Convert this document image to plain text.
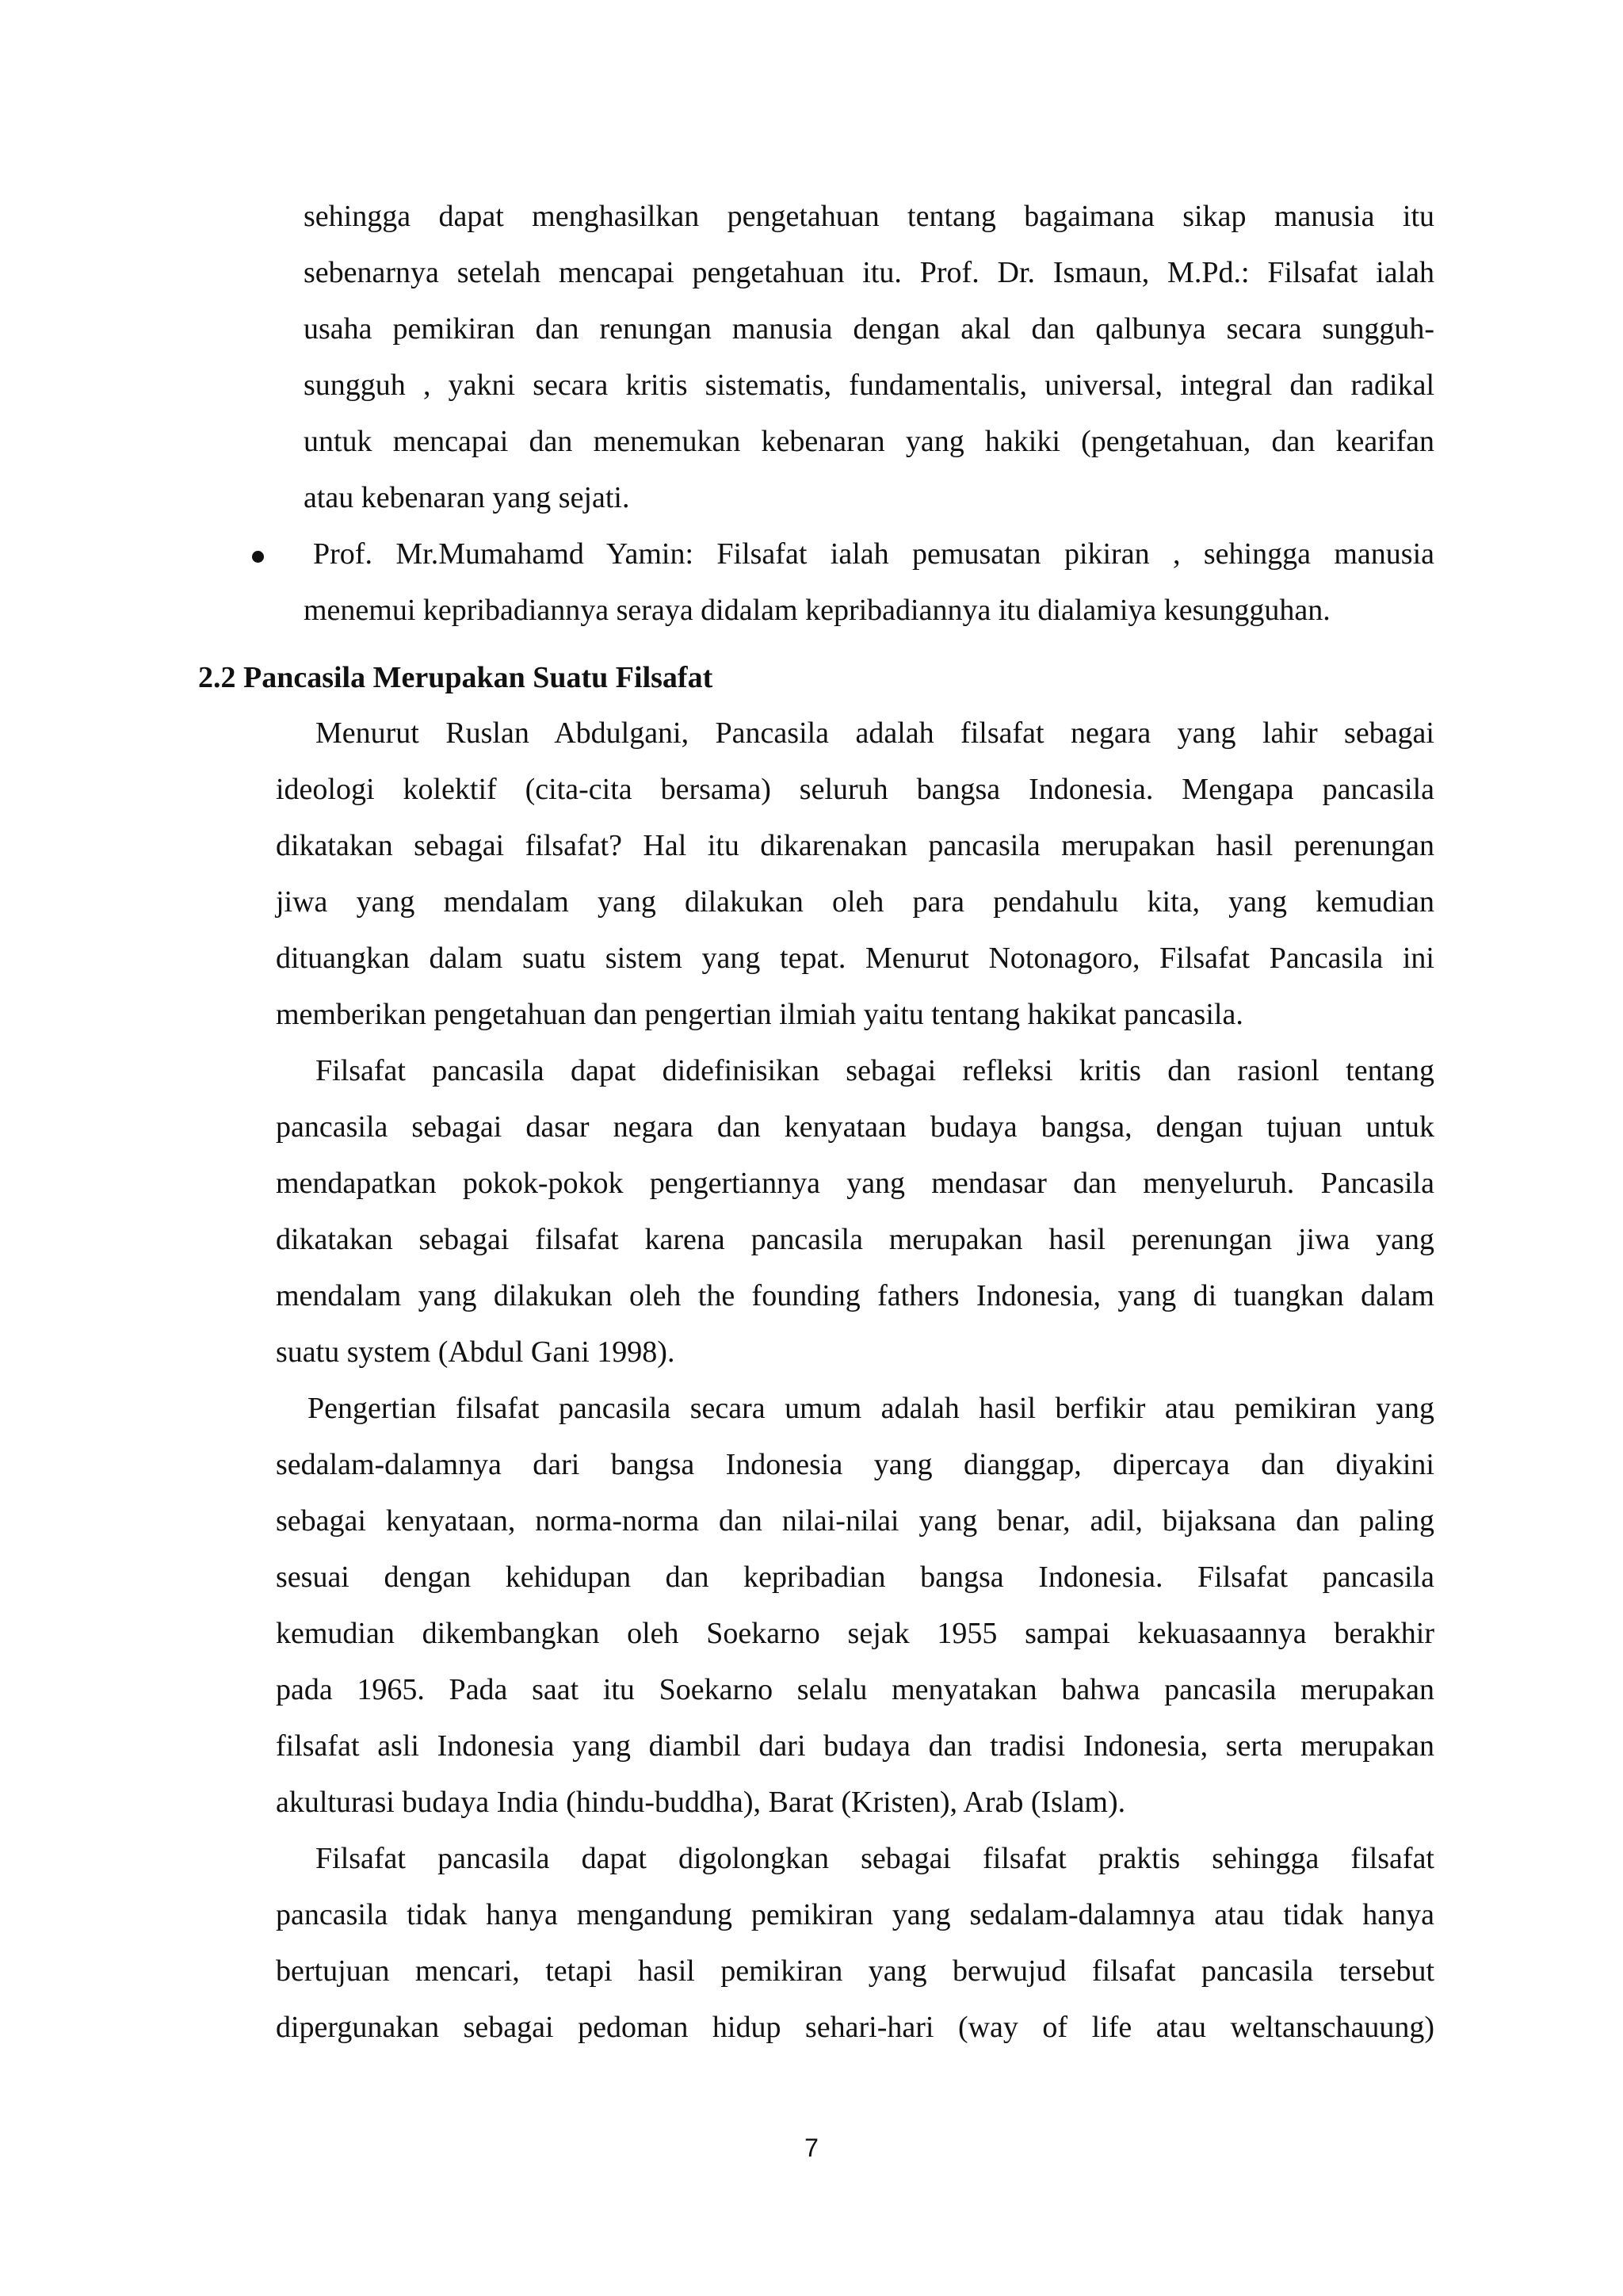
sehingga dapat menghasilkan pengetahuan tentang bagaimana sikap manusia itu
sebenarnya setelah mencapai pengetahuan itu. Prof. Dr. Ismaun, M.Pd.: Filsafat ialah
usaha pemikiran dan renungan manusia dengan akal dan qalbunya secara sungguh-
sungguh , yakni secara kritis sistematis, fundamentalis, universal, integral dan radikal
untuk mencapai dan menemukan kebenaran yang hakiki (pengetahuan, dan kearifan
atau kebenaran yang sejati.
Prof. Mr.Mumahamd Yamin: Filsafat ialah pemusatan pikiran , sehingga manusia
menemui kepribadiannya seraya didalam kepribadiannya itu dialamiya kesungguhan.
2.2 Pancasila Merupakan Suatu Filsafat
Menurut Ruslan Abdulgani, Pancasila adalah filsafat negara yang lahir sebagai
ideologi kolektif (cita-cita bersama) seluruh bangsa Indonesia. Mengapa pancasila
dikatakan sebagai filsafat? Hal itu dikarenakan pancasila merupakan hasil perenungan
jiwa yang mendalam yang dilakukan oleh para pendahulu kita, yang kemudian
dituangkan dalam suatu sistem yang tepat. Menurut Notonagoro, Filsafat Pancasila ini
memberikan pengetahuan dan pengertian ilmiah yaitu tentang hakikat pancasila.
Filsafat pancasila dapat didefinisikan sebagai refleksi kritis dan rasionl tentang
pancasila sebagai dasar negara dan kenyataan budaya bangsa, dengan tujuan untuk
mendapatkan pokok-pokok pengertiannya yang mendasar dan menyeluruh. Pancasila
dikatakan sebagai filsafat karena pancasila merupakan hasil perenungan jiwa yang
mendalam yang dilakukan oleh the founding fathers Indonesia, yang di tuangkan dalam
suatu system (Abdul Gani 1998).
Pengertian filsafat pancasila secara umum adalah hasil berfikir atau pemikiran yang
sedalam-dalamnya dari bangsa Indonesia yang dianggap, dipercaya dan diyakini
sebagai kenyataan, norma-norma dan nilai-nilai yang benar, adil, bijaksana dan paling
sesuai dengan kehidupan dan kepribadian bangsa Indonesia. Filsafat pancasila
kemudian dikembangkan oleh Soekarno sejak 1955 sampai kekuasaannya berakhir
pada 1965. Pada saat itu Soekarno selalu menyatakan bahwa pancasila merupakan
filsafat asli Indonesia yang diambil dari budaya dan tradisi Indonesia, serta merupakan
akulturasi budaya India (hindu-buddha), Barat (Kristen), Arab (Islam).
Filsafat pancasila dapat digolongkan sebagai filsafat praktis sehingga filsafat
pancasila tidak hanya mengandung pemikiran yang sedalam-dalamnya atau tidak hanya
bertujuan mencari, tetapi hasil pemikiran yang berwujud filsafat pancasila tersebut
dipergunakan sebagai pedoman hidup sehari-hari (way of life atau weltanschauung)
7
